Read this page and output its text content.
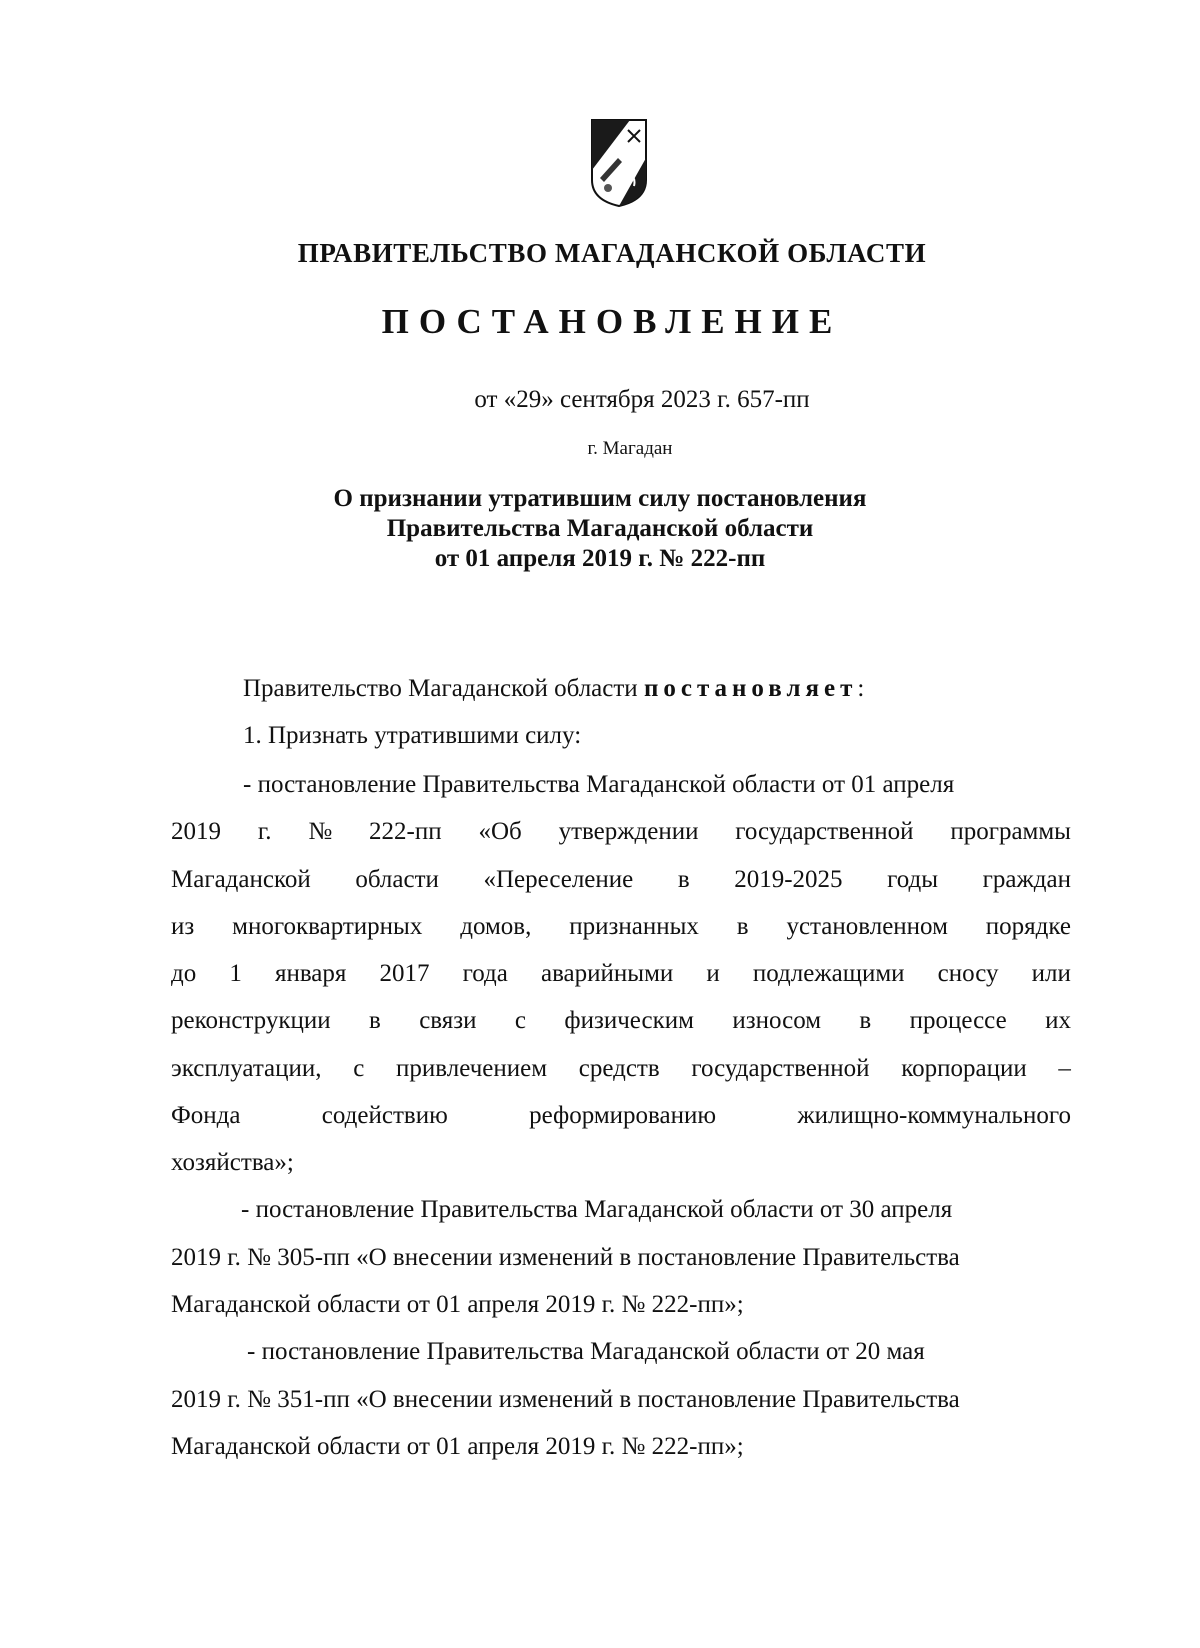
ПРАВИТЕЛЬСТВО МАГАДАНСКОЙ ОБЛАСТИ
ПОСТАНОВЛЕНИЕ
от «29» сентября 2023 г. 657-пп
г. Магадан
О признании утратившим силу постановления
Правительства Магаданской области
от 01 апреля 2019 г. № 222-пп
Правительство Магаданской области постановляет:
1. Признать утратившими силу:
- постановление Правительства Магаданской области от 01 апреля
2019 г. № 222-пп «Об утверждении государственной программы
Магаданской области «Переселение в 2019-2025 годы граждан
из многоквартирных домов, признанных в установленном порядке
до 1 января 2017 года аварийными и подлежащими сносу или
реконструкции в связи с физическим износом в процессе их
эксплуатации, с привлечением средств государственной корпорации –
Фонда	содействию	реформированию	жилищно-коммунального
хозяйства»;
- постановление Правительства Магаданской области от 30 апреля
2019 г. № 305-пп «О внесении изменений в постановление Правительства
Магаданской области от 01 апреля 2019 г. № 222-пп»;
- постановление Правительства Магаданской области от 20 мая
2019 г. № 351-пп «О внесении изменений в постановление Правительства
Магаданской области от 01 апреля 2019 г. № 222-пп»;
